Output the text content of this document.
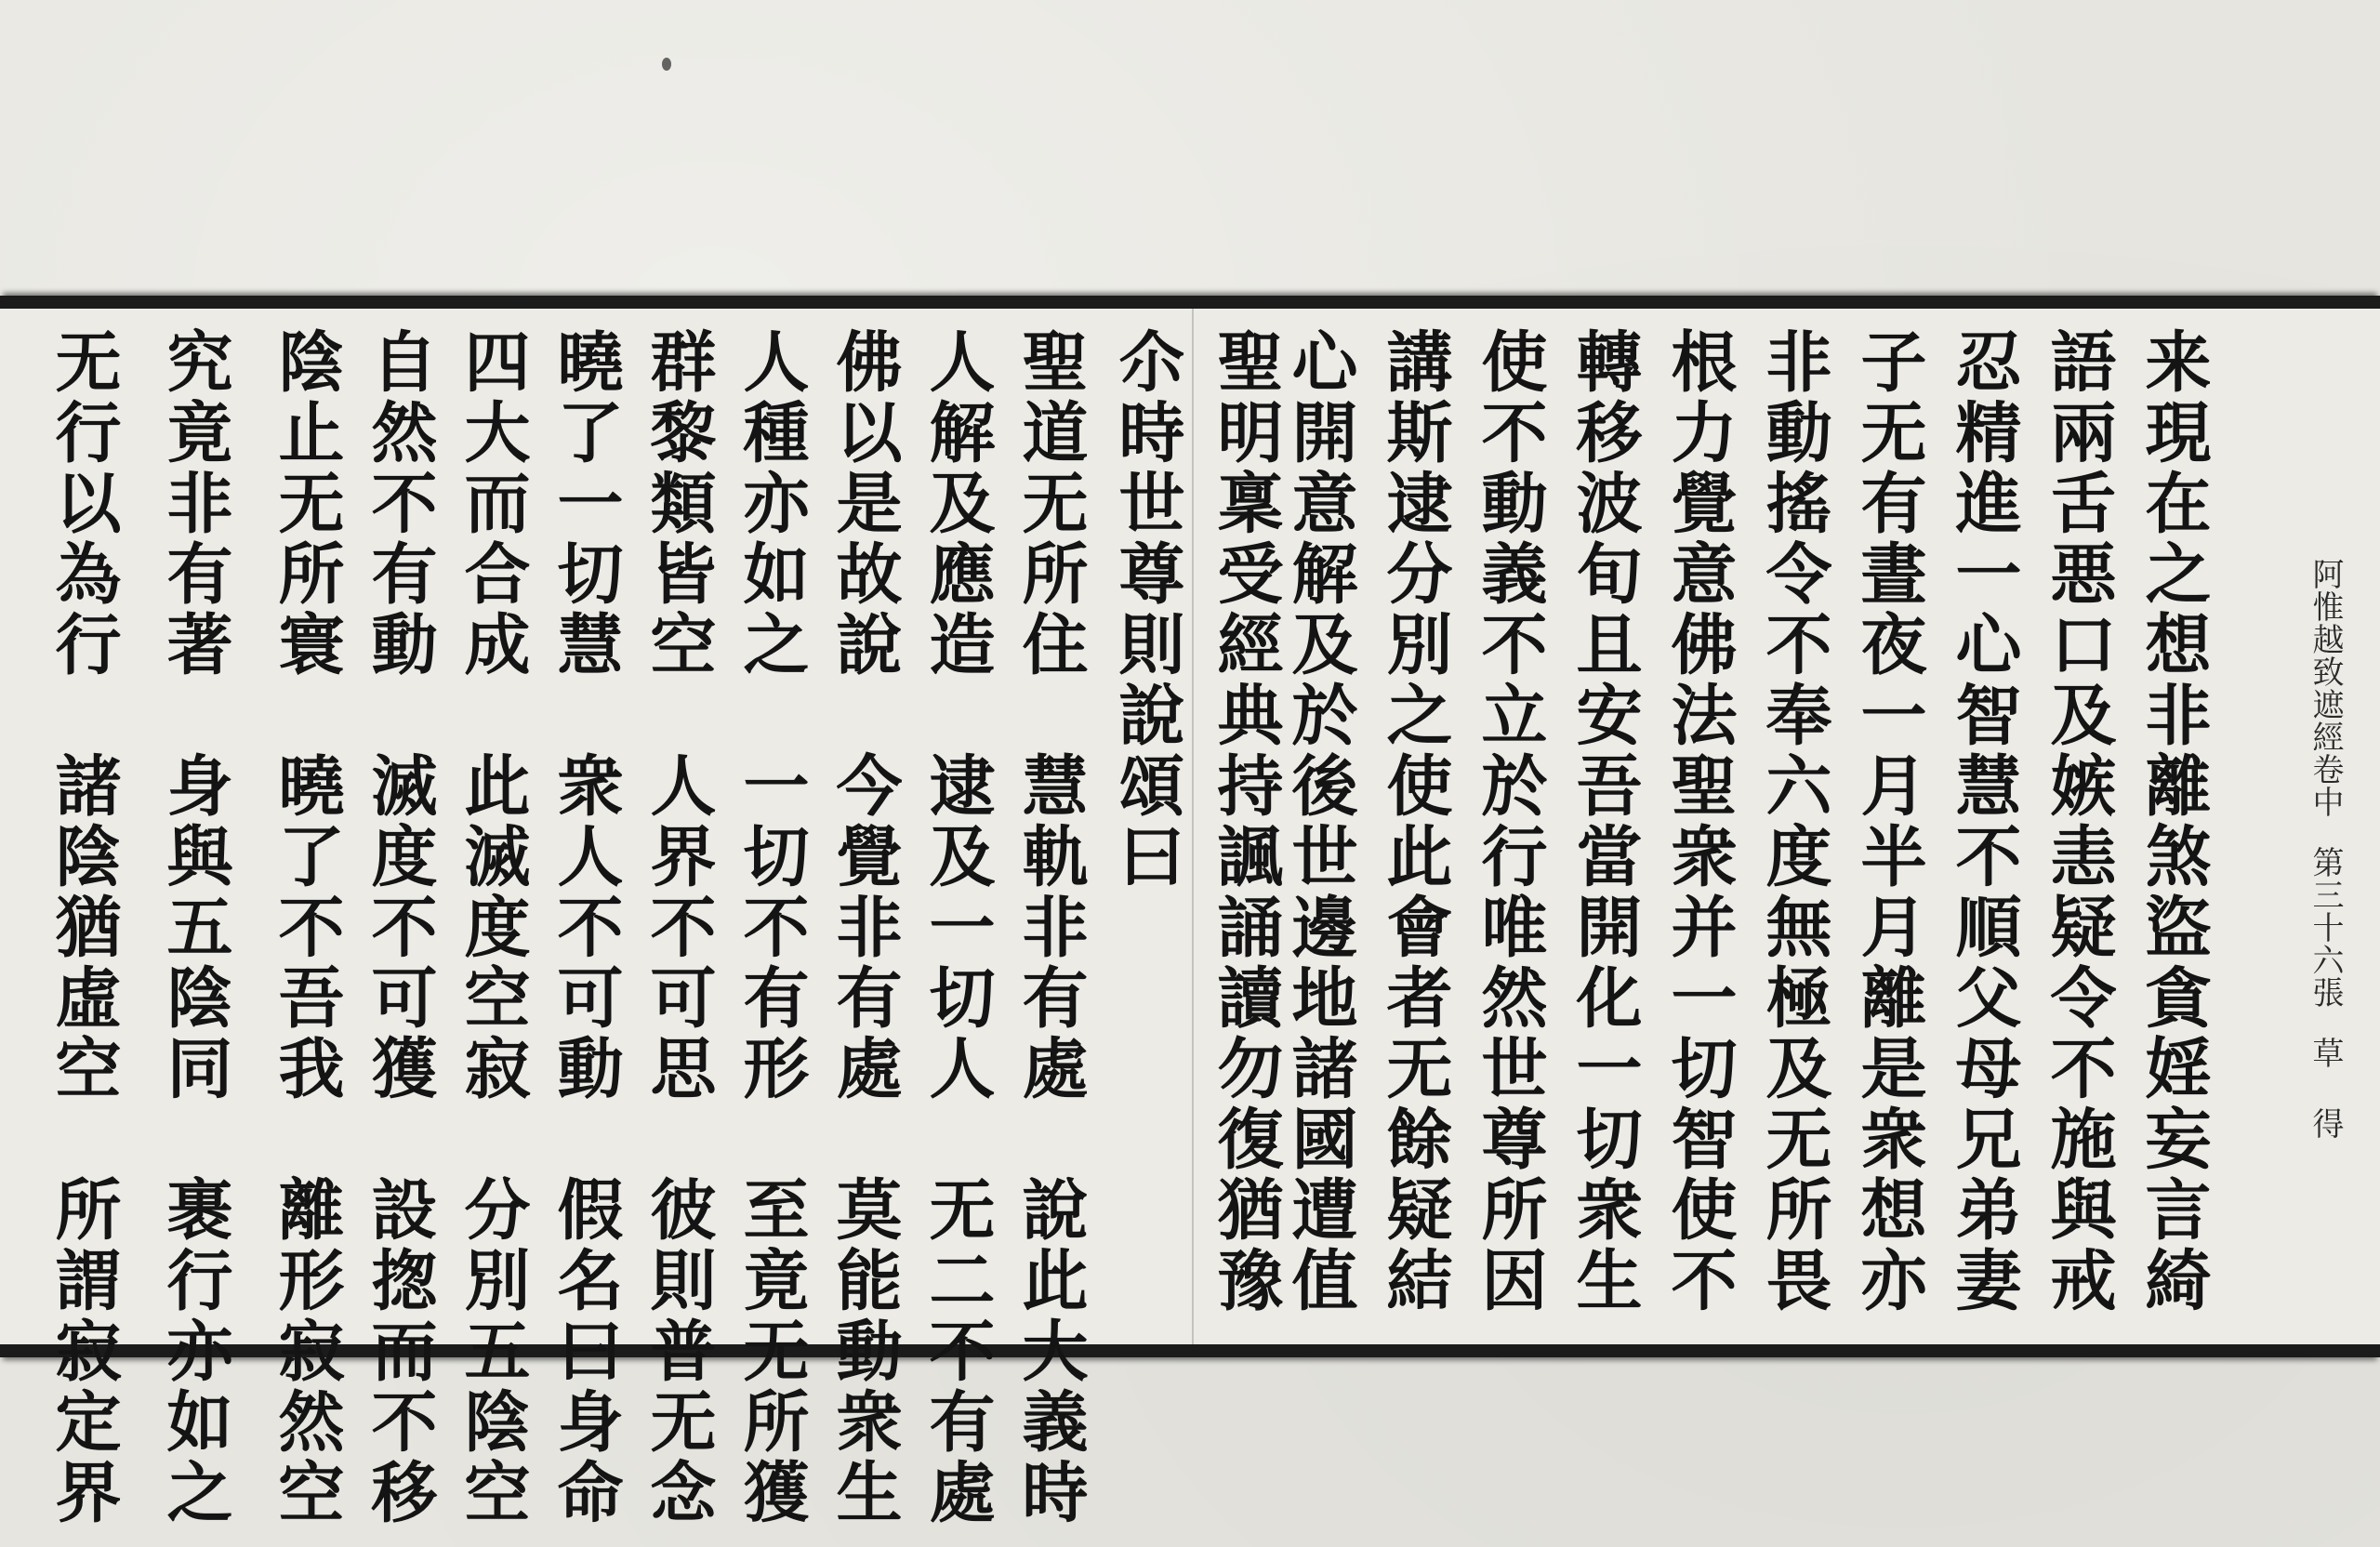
阿惟越致遮經卷中第三十六張草 得
来現在之想非離煞盜貪婬妄言綺
語兩舌悪口及嫉恚疑令不施與戒
忍精進一心智慧不順父母兄弟妻
子无有晝夜一月半月離是衆想亦
非動搖令不奉六度無極及无所畏
根力覺意佛法聖衆并一切智使不
轉移波旬且安吾當開化一切衆生
使不動義不立於行唯然世尊所因
講斯逮分別之使此會者无餘疑結
心開意解及於後世邊地諸國遭值
聖明稟受經典持諷誦讀勿復猶豫
尒時世尊則說頌曰
聖道无所住　慧軌非有處　說此大義時
人解及應造　逮及一切人　无二不有處
佛以是故說　今覺非有處　莫能動衆生
人種亦如之　一切不有形　至竟无所獲
群黎類皆空　人界不可思　彼則普无念
曉了一切慧　衆人不可動　假名曰身命
四大而合成　此滅度空寂　分別五陰空
自然不有動　滅度不可獲　設揔而不移
陰止无所寰　曉了不吾我　離形寂然空
究竟非有著　身與五陰同　裹行亦如之
无行以為行　諸陰猶虛空　所謂寂定界
